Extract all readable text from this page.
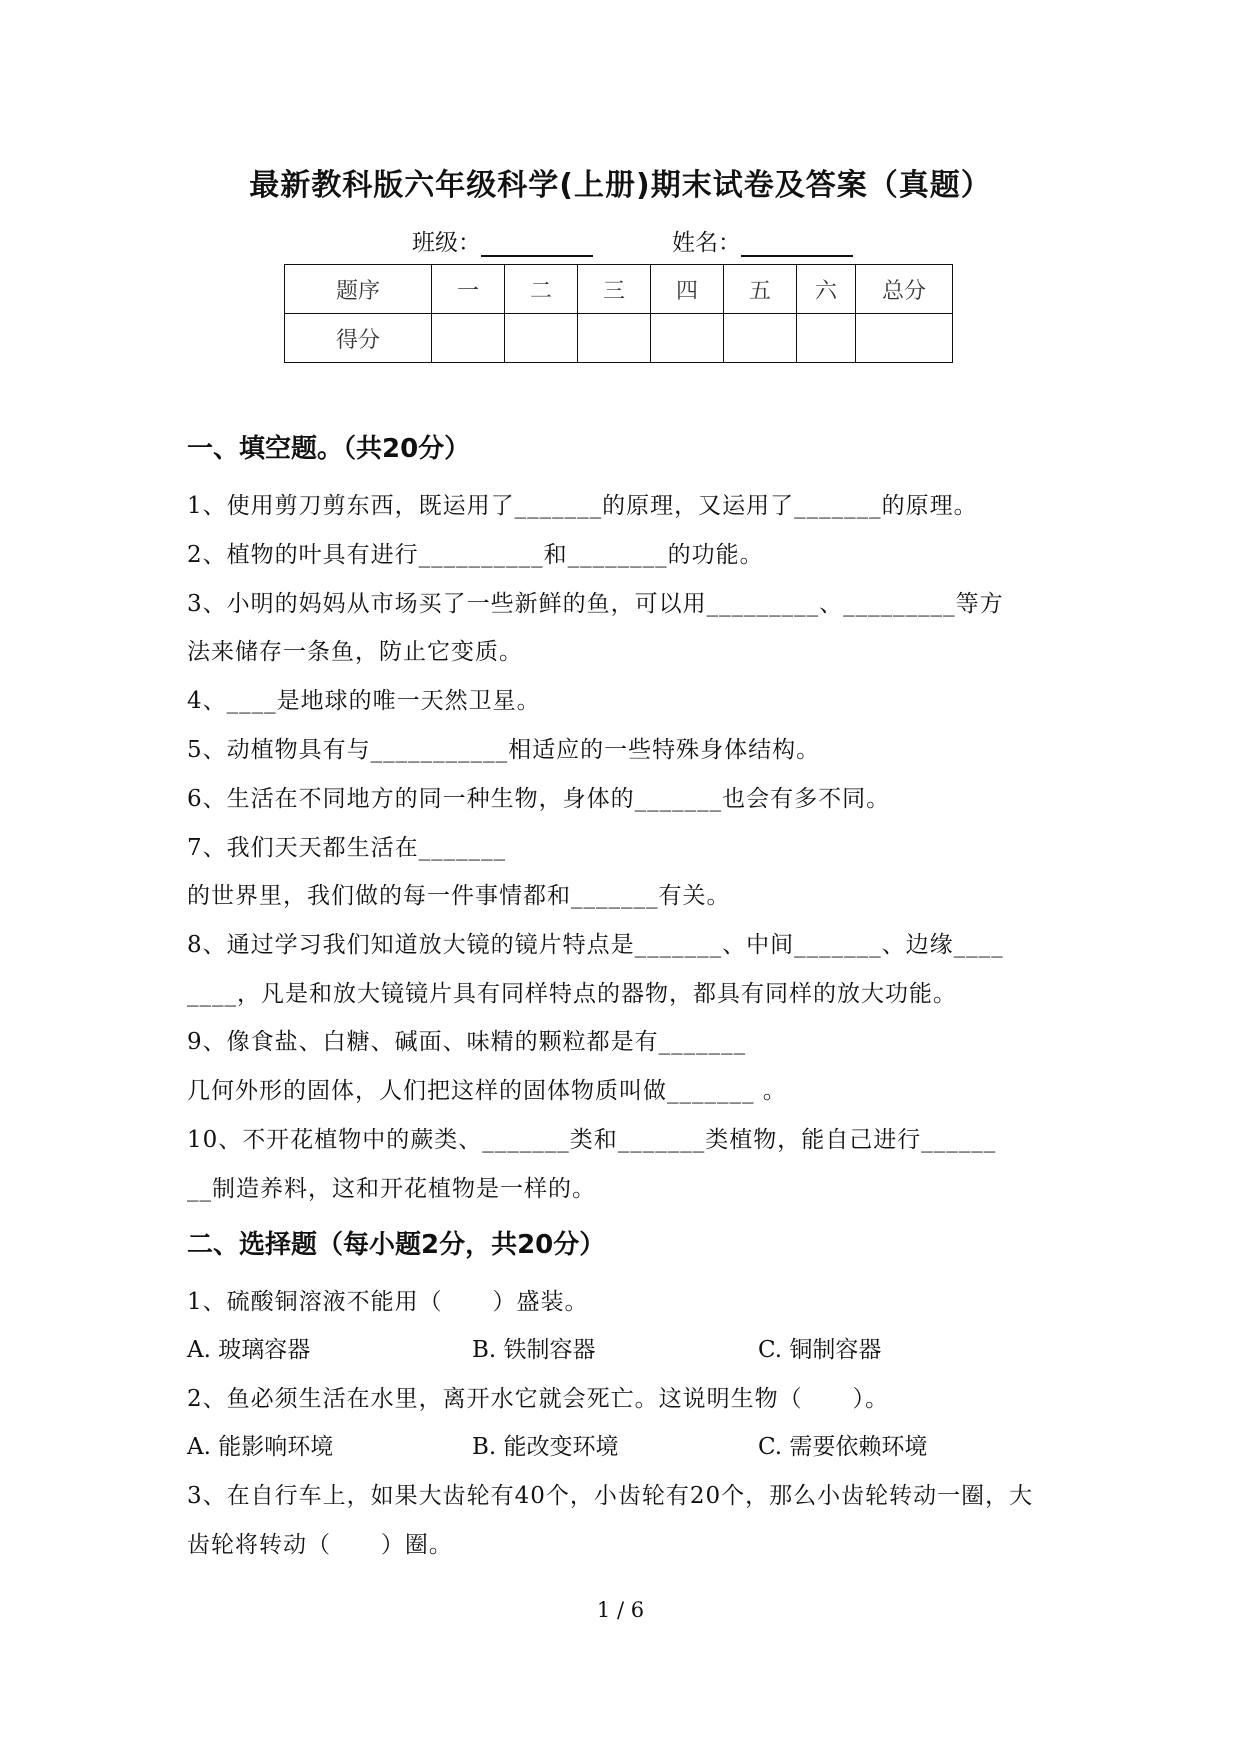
最新教科版六年级科学(上册)期末试卷及答案（真题）
班级：	姓名：
题序	一	二	三	四	五	六	总分
得分							
一、填空题。（共20分）
1、使用剪刀剪东西，既运用了_______的原理，又运用了_______的原理。
2、植物的叶具有进行__________和________的功能。
3、小明的妈妈从市场买了一些新鲜的鱼，可以用_________、_________等方
法来储存一条鱼，防止它变质。
4、____是地球的唯一天然卫星。
5、动植物具有与___________相适应的一些特殊身体结构。
6、生活在不同地方的同一种生物，身体的_______也会有多不同。
7、我们天天都生活在_______
的世界里，我们做的每一件事情都和_______有关。
8、通过学习我们知道放大镜的镜片特点是_______、中间_______、边缘____
____，凡是和放大镜镜片具有同样特点的器物，都具有同样的放大功能。
9、像食盐、白糖、碱面、味精的颗粒都是有_______
几何外形的固体，人们把这样的固体物质叫做_______ 。
10、不开花植物中的蕨类、_______类和_______类植物，能自己进行______
__制造养料，这和开花植物是一样的。
二、选择题（每小题2分，共20分）
1、硫酸铜溶液不能用（      ）盛装。
A. 玻璃容器	B. 铁制容器	C. 铜制容器
2、鱼必须生活在水里，离开水它就会死亡。这说明生物（      ）。
A. 能影响环境	B. 能改变环境	C. 需要依赖环境
3、在自行车上，如果大齿轮有40个，小齿轮有20个，那么小齿轮转动一圈，大
齿轮将转动（      ）圈。
1 / 6
